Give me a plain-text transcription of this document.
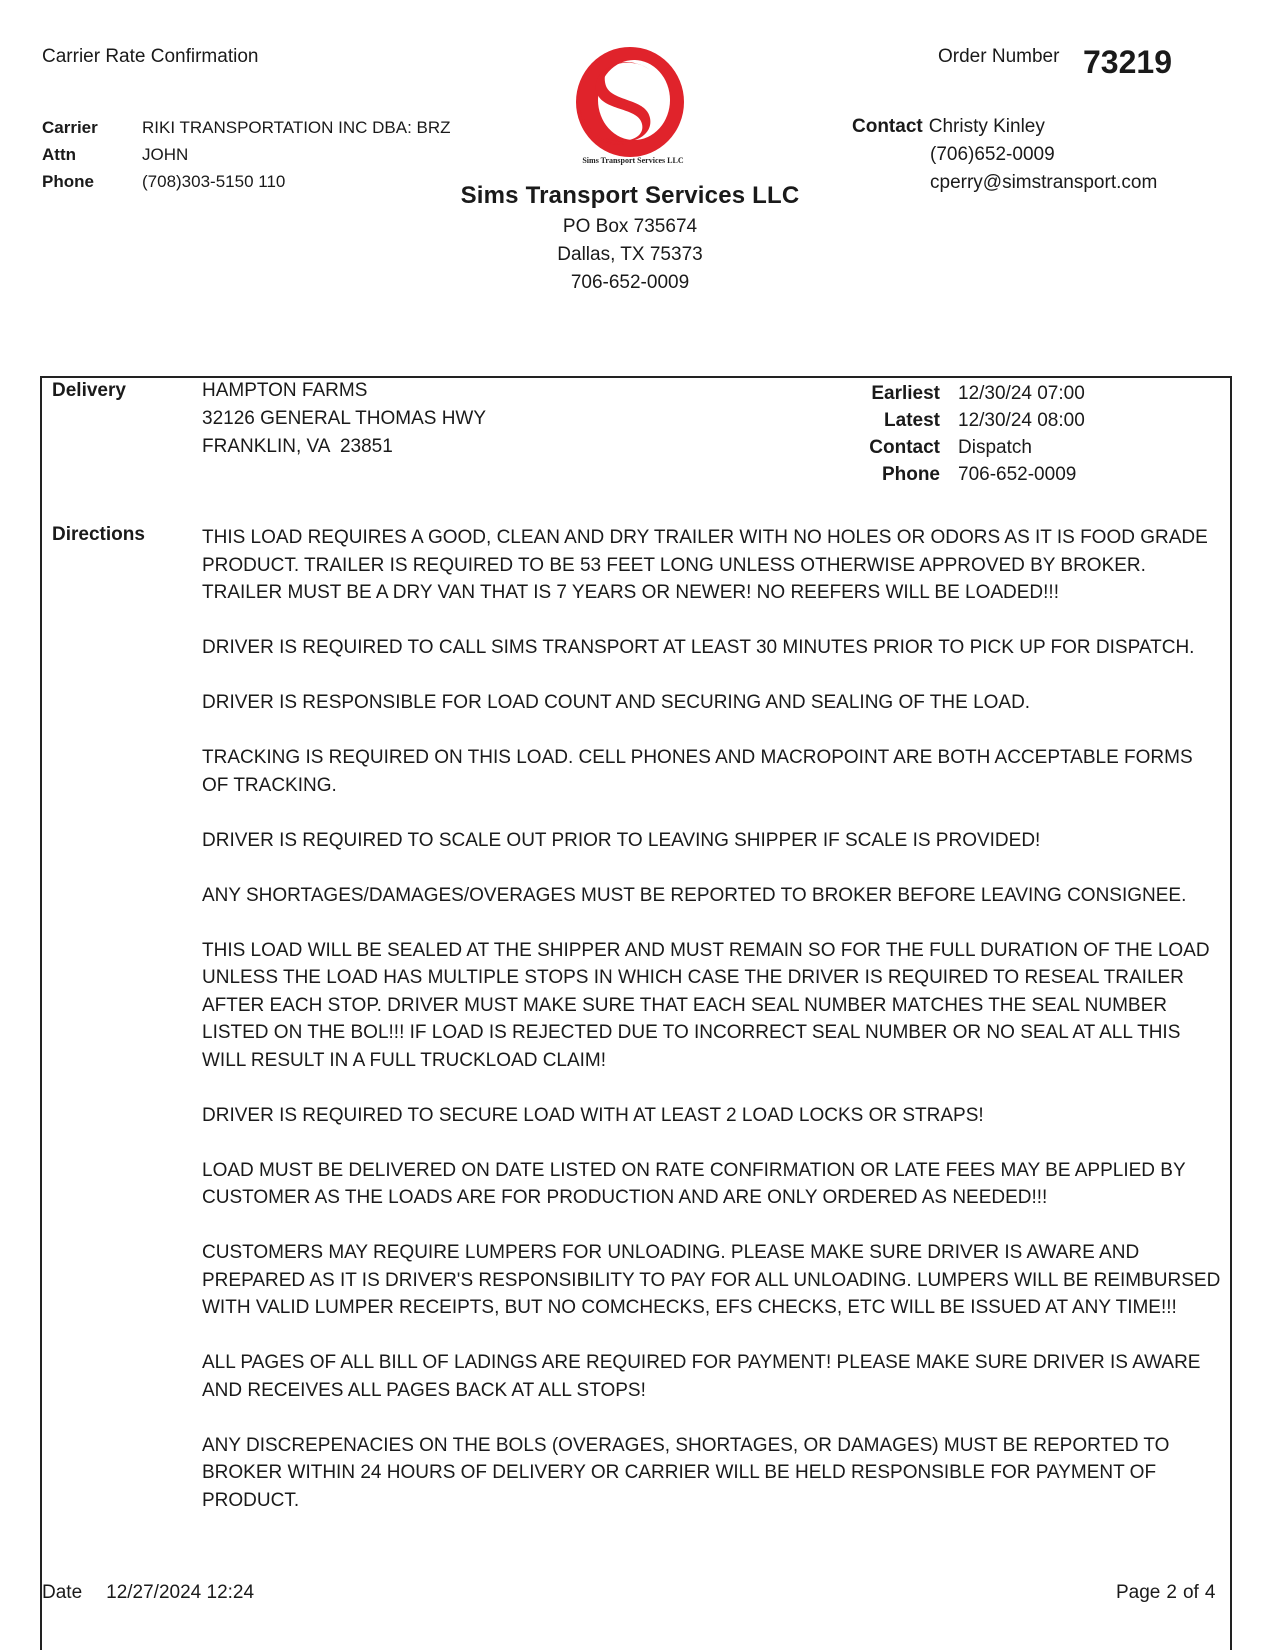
Carrier Rate Confirmation	Order Number 73219
Carrier	RIKI TRANSPORTATION INC DBA: BRZ
Attn	JOHN
Phone	(708)303-5150 110
Sims Transport Services LLC
Sims Transport Services LLC
PO Box 735674
Dallas, TX 75373
706-652-0009
Contact Christy Kinley
(706)652-0009
cperry@simstransport.com
Delivery	HAMPTON FARMS
32126 GENERAL THOMAS HWY
FRANKLIN, VA  23851
Earliest 12/30/24 07:00
Latest 12/30/24 08:00
Contact Dispatch
Phone 706-652-0009
Directions	THIS LOAD REQUIRES A GOOD, CLEAN AND DRY TRAILER WITH NO HOLES OR ODORS AS IT IS FOOD GRADE PRODUCT. TRAILER IS REQUIRED TO BE 53 FEET LONG UNLESS OTHERWISE APPROVED BY BROKER. TRAILER MUST BE A DRY VAN THAT IS 7 YEARS OR NEWER! NO REEFERS WILL BE LOADED!!!

DRIVER IS REQUIRED TO CALL SIMS TRANSPORT AT LEAST 30 MINUTES PRIOR TO PICK UP FOR DISPATCH.

DRIVER IS RESPONSIBLE FOR LOAD COUNT AND SECURING AND SEALING OF THE LOAD.

TRACKING IS REQUIRED ON THIS LOAD. CELL PHONES AND MACROPOINT ARE BOTH ACCEPTABLE FORMS OF TRACKING.

DRIVER IS REQUIRED TO SCALE OUT PRIOR TO LEAVING SHIPPER IF SCALE IS PROVIDED!

ANY SHORTAGES/DAMAGES/OVERAGES MUST BE REPORTED TO BROKER BEFORE LEAVING CONSIGNEE.

THIS LOAD WILL BE SEALED AT THE SHIPPER AND MUST REMAIN SO FOR THE FULL DURATION OF THE LOAD UNLESS THE LOAD HAS MULTIPLE STOPS IN WHICH CASE THE DRIVER IS REQUIRED TO RESEAL TRAILER AFTER EACH STOP. DRIVER MUST MAKE SURE THAT EACH SEAL NUMBER MATCHES THE SEAL NUMBER LISTED ON THE BOL!!! IF LOAD IS REJECTED DUE TO INCORRECT SEAL NUMBER OR NO SEAL AT ALL THIS WILL RESULT IN A FULL TRUCKLOAD CLAIM!

DRIVER IS REQUIRED TO SECURE LOAD WITH AT LEAST 2 LOAD LOCKS OR STRAPS!

LOAD MUST BE DELIVERED ON DATE LISTED ON RATE CONFIRMATION OR LATE FEES MAY BE APPLIED BY CUSTOMER AS THE LOADS ARE FOR PRODUCTION AND ARE ONLY ORDERED AS NEEDED!!!

CUSTOMERS MAY REQUIRE LUMPERS FOR UNLOADING. PLEASE MAKE SURE DRIVER IS AWARE AND PREPARED AS IT IS DRIVER'S RESPONSIBILITY TO PAY FOR ALL UNLOADING. LUMPERS WILL BE REIMBURSED WITH VALID LUMPER RECEIPTS, BUT NO COMCHECKS, EFS CHECKS, ETC WILL BE ISSUED AT ANY TIME!!!

ALL PAGES OF ALL BILL OF LADINGS ARE REQUIRED FOR PAYMENT! PLEASE MAKE SURE DRIVER IS AWARE AND RECEIVES ALL PAGES BACK AT ALL STOPS!

ANY DISCREPENACIES ON THE BOLS (OVERAGES, SHORTAGES, OR DAMAGES) MUST BE REPORTED TO BROKER WITHIN 24 HOURS OF DELIVERY OR CARRIER WILL BE HELD RESPONSIBLE FOR PAYMENT OF PRODUCT.

Date 12/27/2024 12:24	Page 2 of 4
